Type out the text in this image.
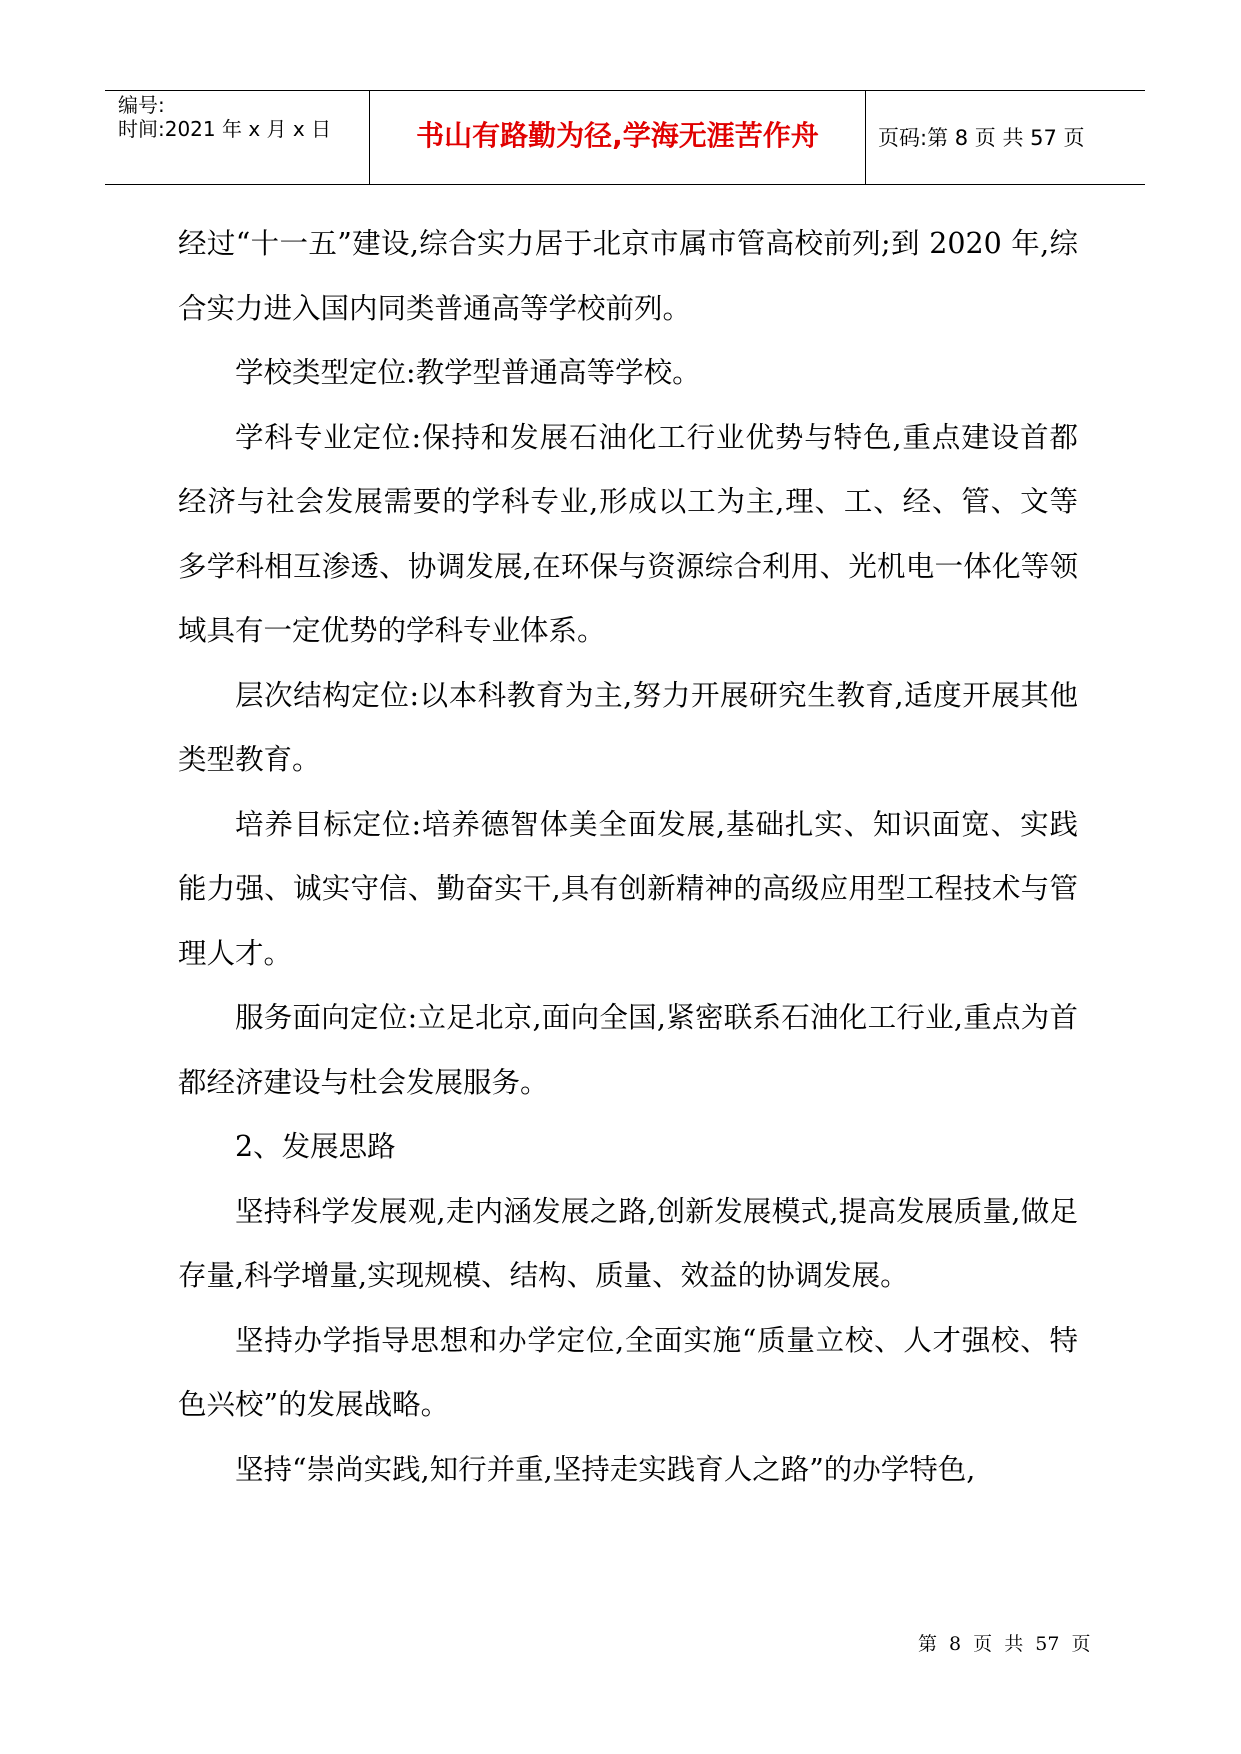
编号:
时间:2021 年 x 月 x 日	书山有路勤为径,学海无涯苦作舟	页码:第 8 页 共 57 页

经过“十一五”建设,综合实力居于北京市属市管高校前列;到 2020 年,综合实力进入国内同类普通高等学校前列。

学校类型定位:教学型普通高等学校。

学科专业定位:保持和发展石油化工行业优势与特色,重点建设首都经济与社会发展需要的学科专业,形成以工为主,理、工、经、管、文等多学科相互渗透、协调发展,在环保与资源综合利用、光机电一体化等领域具有一定优势的学科专业体系。

层次结构定位:以本科教育为主,努力开展研究生教育,适度开展其他类型教育。

培养目标定位:培养德智体美全面发展,基础扎实、知识面宽、实践能力强、诚实守信、勤奋实干,具有创新精神的高级应用型工程技术与管理人才。

服务面向定位:立足北京,面向全国,紧密联系石油化工行业,重点为首都经济建设与杜会发展服务。

2、发展思路

坚持科学发展观,走内涵发展之路,创新发展模式,提高发展质量,做足存量,科学增量,实现规模、结构、质量、效益的协调发展。

坚持办学指导思想和办学定位,全面实施“质量立校、人才强校、特色兴校”的发展战略。

坚持“崇尚实践,知行并重,坚持走实践育人之路”的办学特色,

第 8 页 共 57 页
